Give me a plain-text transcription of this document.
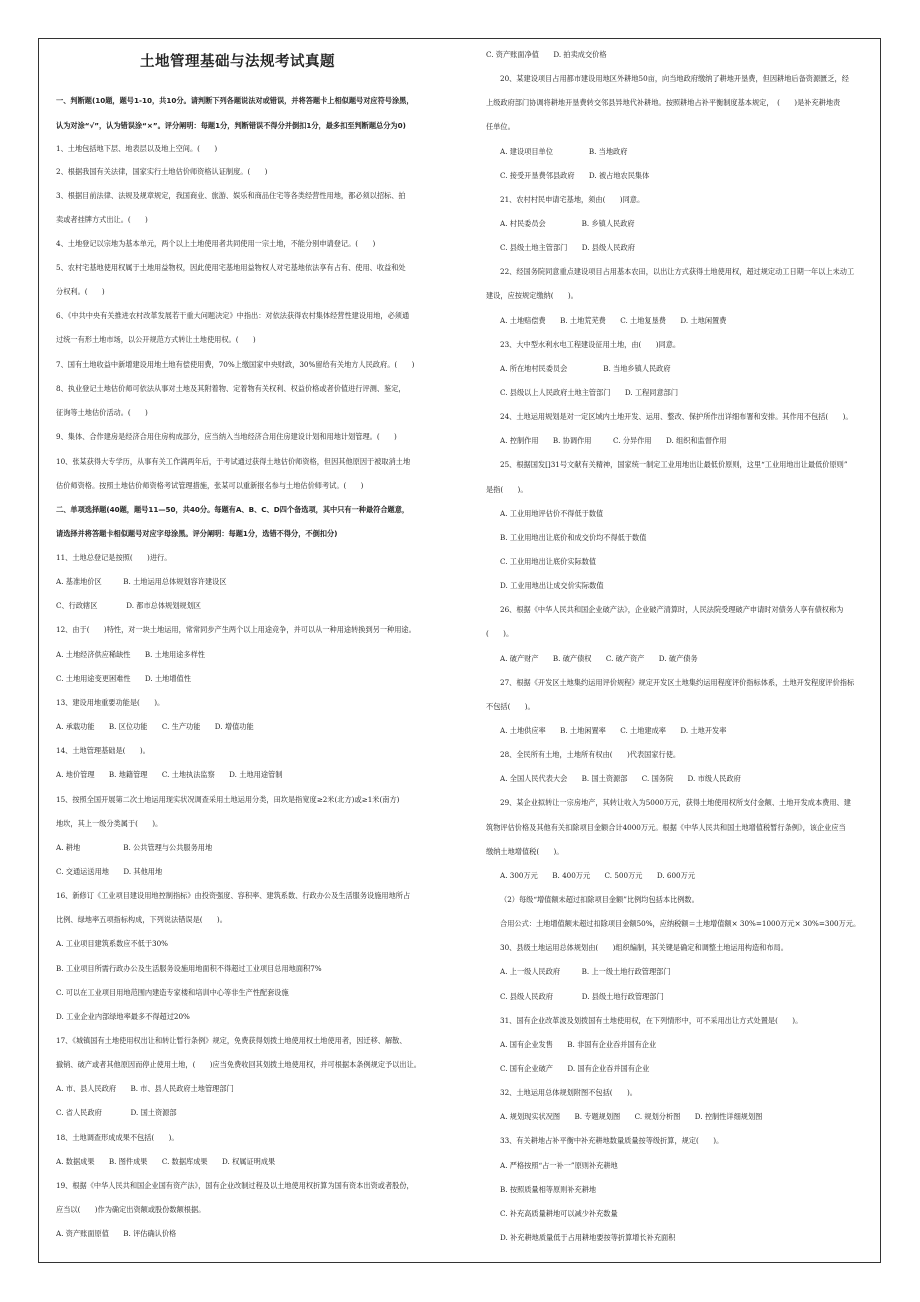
土地管理基础与法规考试真题
一、判断题(10题，题号1-10，共10分。请判断下列各题说法对或错误，并将答题卡上相似题号对应符号涂黑，
认为对涂“√”，认为错误涂“×”。评分阐明：每题1分，判断错误不得分并倒扣1分，最多扣至判断题总分为0)
1、土地包括地下层、地表层以及地上空间。(　　)
2、根据我国有关法律，国家实行土地估价师资格认证制度。(　　)
3、根据目前法律、法规及规章规定，我国商业、旅游、娱乐和商品住宅等各类经营性用地，都必须以招标、拍
卖或者挂牌方式出让。(　　)
4、土地登记以宗地为基本单元，两个以上土地使用者共同使用一宗土地，不能分别申请登记。(　　)
5、农村宅基地使用权属于土地用益物权，因此使用宅基地用益物权人对宅基地依法享有占有、使用、收益和处
分权利。(　　)
6、《中共中央有关推进农村改革发展若干重大问题决定》中指出：对依法获得农村集体经营性建设用地，必须通
过统一有形土地市场，以公开规范方式转让土地使用权。(　　)
7、国有土地收益中新增建设用地土地有偿使用费，70%上缴国家中央财政，30%留给有关地方人民政府。(　　)
8、执业登记土地估价师可依法从事对土地及其附着物、定着物有关权利、权益价格或者价值进行评测、鉴定，
征询等土地估价活动。(　　)
9、集体、合作建房是经济合用住房构成部分，应当纳入当地经济合用住房建设计划和用地计划管理。(　　)
10、张某获得大专学历，从事有关工作满两年后，于考试通过获得土地估价师资格，但因其他原因于被取消土地
估价师资格。按照土地估价师资格考试管理措施，张某可以重新报名参与土地估价师考试。(　　)
二、单项选择题(40题，题号11—50，共40分。每题有A、B、C、D四个备选项，其中只有一种最符合题意，
请选择并将答题卡相似题号对应字母涂黑。评分阐明：每题1分，选错不得分，不倒扣分)
11、土地总登记是按照(　　)进行。
A. 基准地价区　　　B. 土地运用总体规划容许建设区
C、行政辖区　　　　D. 都市总体规划规划区
12、由于(　　)特性，对一块土地运用，常常同步产生两个以上用途竞争，并可以从一种用途转换到另一种用途。
A. 土地经济供应稀缺性　　B. 土地用途多样性
C. 土地用途变更困难性　　D. 土地增值性
13、建设用地重要功能是(　　)。
A. 承载功能　　B. 区位功能　　C. 生产功能　　D. 增值功能
14、土地管理基础是(　　)。
A. 地价管理　　B. 地籍管理　　C. 土地执法监察　　D. 土地用途管制
15、按照全国开展第二次土地运用现实状况调查采用土地运用分类，田坎是指宽度≥2米(北方)或≥1米(南方)
地坎，其上一级分类属于(　　)。
A. 耕地　　　　　　B. 公共管理与公共服务用地
C. 交通运送用地　　D. 其他用地
16、新修订《工业项目建设用地控制指标》由投资强度、容积率、建筑系数、行政办公及生活服务设施用地所占
比例、绿地率五项指标构成，下列说法错误是(　　)。
A. 工业项目建筑系数应不低于30%
B. 工业项目所需行政办公及生活服务设施用地面积不得超过工业项目总用地面积7%
C. 可以在工业项目用地范围内建造专家楼和培训中心等非生产性配套设施
D. 工业企业内部绿地率最多不得超过20%
17、《城镇国有土地使用权出让和转让暂行条例》规定，免费获得划拨土地使用权土地使用者，因迁移、解散、
撤销、破产或者其他原因而停止使用土地，(　　)应当免费收回其划拨土地使用权，并可根据本条例规定予以出让。
A. 市、县人民政府　　B. 市、县人民政府土地管理部门
C. 省人民政府　　　　D. 国土资源部
18、土地调查形成成果不包括(　　)。
A. 数据成果　　B. 图件成果　　C. 数据库成果　　D. 权属证明成果
19、根据《中华人民共和国企业国有资产法》，国有企业改制过程及以土地使用权折算为国有资本出资或者股份，
应当以(　　)作为确定出资额或股份数额根据。
A. 资产账面原值　　B. 评估确认价格
C. 资产账面净值　　D. 拍卖成交价格
20、某建设项目占用都市建设用地区外耕地50亩，向当地政府缴纳了耕地开垦费，但因耕地后备资源匮乏，经
上级政府部门协调将耕地开垦费转交邻县异地代补耕地。按照耕地占补平衡制度基本规定，　(　　)是补充耕地责
任单位。
A. 建设项目单位　　　　　B. 当地政府
C. 接受开垦费邻县政府　　D. 被占地农民集体
21、农村村民申请宅基地，须由(　　)同意。
A. 村民委员会　　　　　B. 乡镇人民政府
C. 县级土地主管部门　　D. 县级人民政府
22、经国务院同意重点建设项目占用基本农田，以出让方式获得土地使用权，超过规定动工日期一年以上未动工
建设，应按规定缴纳(　　)。
A. 土地赔偿费　　B. 土地荒芜费　　C. 土地复垦费　　D. 土地闲置费
23、大中型水利水电工程建设征用土地，由(　　)同意。
A. 所在地村民委员会　　　　　B. 当地乡镇人民政府
C. 县级以上人民政府土地主管部门　　D. 工程同意部门
24、土地运用规划是对一定区域内土地开发、运用、整改、保护所作出详细布署和安排。其作用不包括(　　)。
A. 控制作用　　B. 协调作用　　　C. 分异作用　　D. 组织和监督作用
25、根据国发[]31号文献有关精神，国家统一制定工业用地出让最低价原则，这里“工业用地出让最低价原则”
是指(　　)。
A. 工业用地评估价不得低于数值
B. 工业用地出让底价和成交价均不得低于数值
C. 工业用地出让底价实际数值
D. 工业用地出让成交价实际数值
26、根据《中华人民共和国企业破产法》，企业破产清算时，人民法院受理破产申请时对债务人享有债权称为
(　　)。
A. 破产财产　　B. 破产债权　　C. 破产资产　　D. 破产债务
27、根据《开发区土地集约运用评价规程》规定开发区土地集约运用程度评价指标体系，土地开发程度评价指标
不包括(　　)。
A. 土地供应率　　B. 土地闲置率　　C. 土地建成率　　D. 土地开发率
28、全民所有土地，土地所有权由(　　)代表国家行使。
A. 全国人民代表大会　　B. 国土资源部　　C. 国务院　　D. 市级人民政府
29、某企业拟转让一宗房地产，其转让收入为5000万元，获得土地使用权所支付金额、土地开发成本费用、建
筑物评估价格及其他有关扣除项目金额合计4000万元。根据《中华人民共和国土地增值税暂行条例》，该企业应当
缴纳土地增值税(　　)。
A. 300万元　　B. 400万元　　C. 500万元　　D. 600万元
（2）每级“增值额未超过扣除项目金额”比例均包括本比例数。
合用公式：土地增值额未超过扣除项目金额50%，应纳税额＝土地增值额× 30%=1000万元× 30%=300万元。
30、县级土地运用总体规划由(　　)组织编制，其关键是确定和调整土地运用构造和布局。
A. 上一级人民政府　　　B. 上一级土地行政管理部门
C. 县级人民政府　　　　D. 县级土地行政管理部门
31、国有企业改革波及划拨国有土地使用权，在下列情形中，可不采用出让方式处置是(　　)。
A. 国有企业发售　　B. 非国有企业吞并国有企业
C. 国有企业破产　　D. 国有企业吞并国有企业
32、土地运用总体规划附图不包括(　　)。
A. 规划现实状况图　　B. 专题规划图　　C. 规划分析图　　D. 控制性详细规划图
33、有关耕地占补平衡中补充耕地数量质量按等级折算，规定(　　)。
A. 严格按照“占一补一”原则补充耕地
B. 按照质量相等原则补充耕地
C. 补充高质量耕地可以减少补充数量
D. 补充耕地质量低于占用耕地要按等折算增长补充面积
